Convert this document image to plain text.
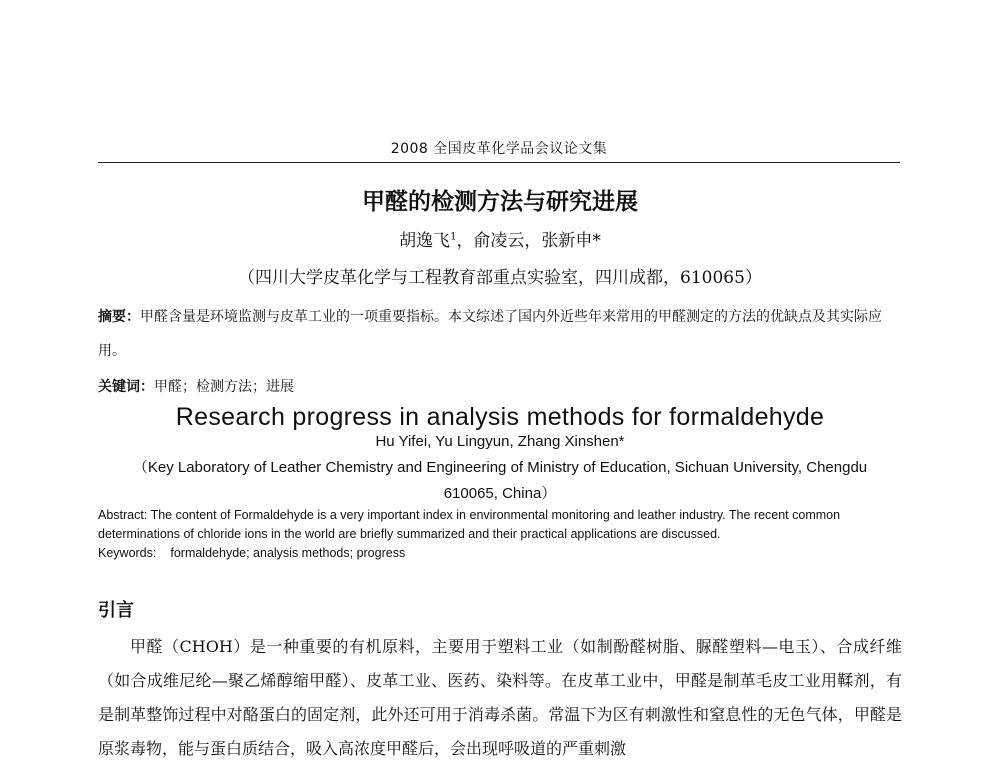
2008 全国皮革化学品会议论文集
甲醛的检测方法与研究进展
胡逸飞$^1$，俞凌云，张新申*
（四川大学皮革化学与工程教育部重点实验室，四川成都，610065）
摘要：甲醛含量是环境监测与皮革工业的一项重要指标。本文综述了国内外近些年来常用的甲醛测定的方法的优缺点及其实际应用。
关键词：甲醛；检测方法；进展
Research progress in analysis methods for formaldehyde
Hu Yifei, Yu Lingyun, Zhang Xinshen*
（Key Laboratory of Leather Chemistry and Engineering of Ministry of Education, Sichuan University, Chengdu 610065, China）
Abstract: The content of Formaldehyde is a very important index in environmental monitoring and leather industry. The recent common determinations of chloride ions in the world are briefly summarized and their practical applications are discussed.
Keywords: formaldehyde; analysis methods; progress
引言
甲醛（CHOH）是一种重要的有机原料，主要用于塑料工业（如制酚醛树脂、脲醛塑料—电玉）、合成纤维（如合成维尼纶—聚乙烯醇缩甲醛）、皮革工业、医药、染料等。在皮革工业中，甲醛是制革毛皮工业用鞣剂，有是制革整饰过程中对酪蛋白的固定剂，此外还可用于消毒杀菌。常温下为区有刺激性和窒息性的无色气体，甲醛是原浆毒物，能与蛋白质结合，吸入高浓度甲醛后，会出现呼吸道的严重刺激
